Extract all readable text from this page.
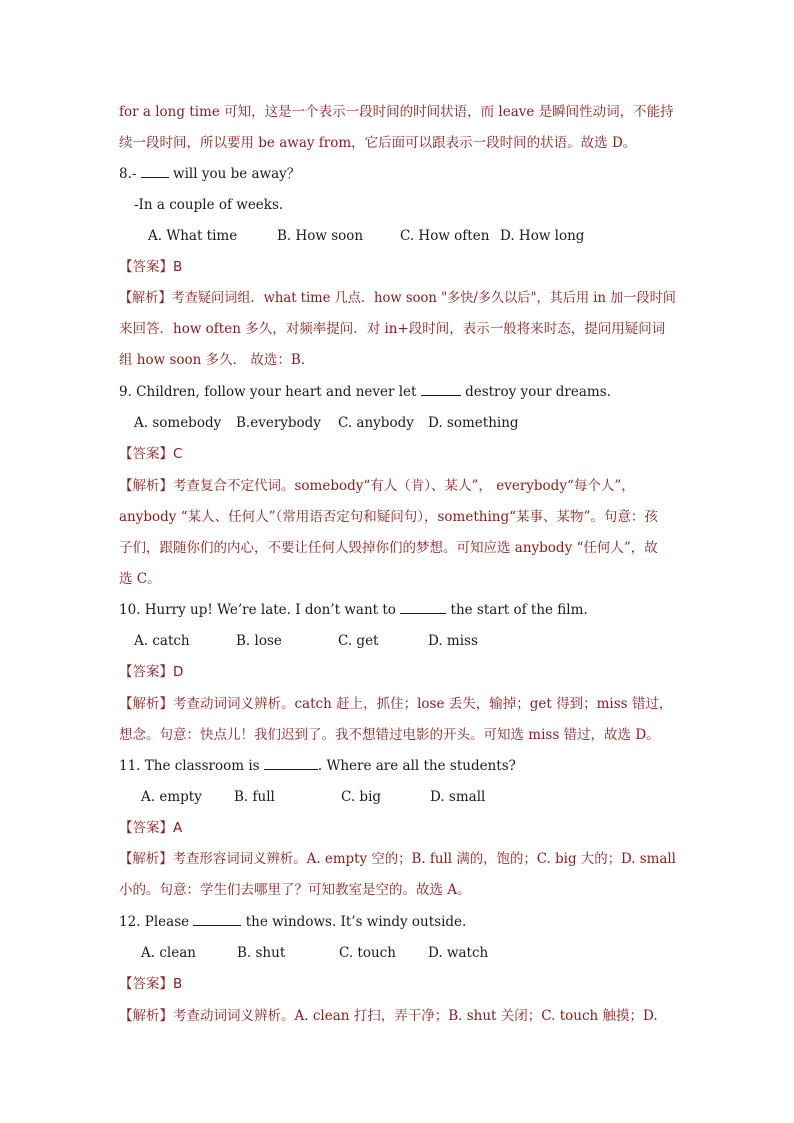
for a long time 可知，这是一个表示一段时间的时间状语，而 leave 是瞬间性动词，不能持
续一段时间，所以要用 be away from，它后面可以跟表示一段时间的状语。故选 D。
8.-	will you be away？
-In a couple of weeks.
A. What time	B. How soon	C. How often D. How long
【答案】B
【解析】考查疑问词组．what time 几点．how soon "多快/多久以后"，其后用 in 加一段时间
来回答．how often 多久，对频率提问．对 in+段时间，表示一般将来时态，提问用疑问词
组 how soon 多久． 故选：B．
9. Children, follow your heart and never let	destroy your dreams.
A. somebody B.everybody C. anybody D. something
【答案】C
【解析】考查复合不定代词。somebody“有人（肯）、某人”， everybody“每个人”，
anybody “某人、任何人”（常用语否定句和疑问句），something“某事、某物”。句意：孩
子们，跟随你们的内心，不要让任何人毁掉你们的梦想。可知应选 anybody “任何人”，故
选 C。
10. Hurry up! We’re late. I don’t want to	the start of the film.
A. catch	B. lose	C. get	D. miss
【答案】D
【解析】考查动词词义辨析。catch 赶上，抓住；lose 丢失，输掉；get 得到；miss 错过，
想念。句意：快点儿！我们迟到了。我不想错过电影的开头。可知选 miss 错过，故选 D。
11. The classroom is	. Where are all the students?
A. empty B. full	C. big	D. small
【答案】A
【解析】考查形容词词义辨析。A. empty 空的；B. full 满的，饱的；C. big 大的；D. small
小的。句意：学生们去哪里了？可知教室是空的。故选 A。
12. Please	the windows. It’s windy outside.
A. clean	B. shut	C. touch D. watch
【答案】B
【解析】考查动词词义辨析。A. clean 打扫，弄干净；B. shut 关闭；C. touch 触摸；D.
